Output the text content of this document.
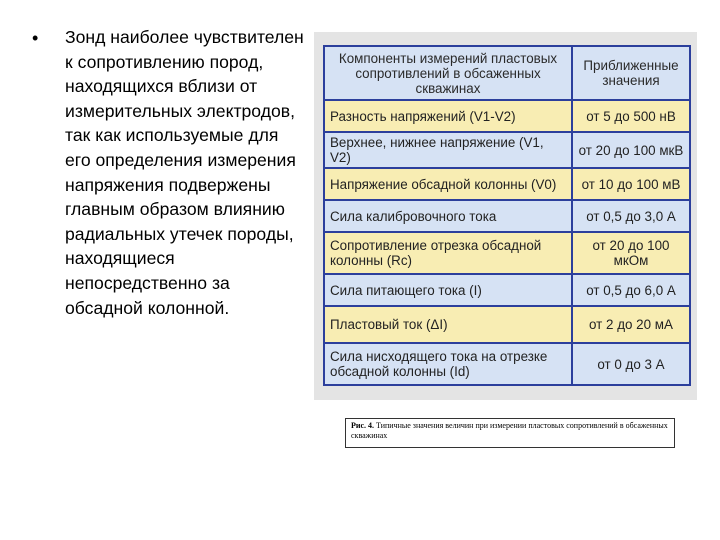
• Зонд наиболее чувствителен
к сопротивлению пород,
находящихся вблизи от
измерительных электродов,
так как используемые для
его определения измерения
напряжения подвержены
главным образом влиянию
радиальных утечек породы,
находящиеся
непосредственно за
обсадной колонной.
Компоненты измерений пластовых сопротивлений в обсаженных скважинах	Приближенные значения
Разность напряжений (V1-V2)	от 5 до 500 нВ
Верхнее, нижнее напряжение (V1, V2)	от 20 до 100 мкВ
Напряжение обсадной колонны (V0)	от 10 до 100 мВ
Сила калибровочного тока	от 0,5 до 3,0 А
Сопротивление отрезка обсадной колонны (Rc)	от 20 до 100 мкОм
Сила питающего тока (I)	от 0,5 до 6,0 А
Пластовый ток (ΔI)	от 2 до 20 мА
Сила нисходящего тока на отрезке обсадной колонны (Id)	от 0 до 3 А
Рис. 4. Типичные значения величин при измерении пластовых сопротивлений в обсаженных скважинах
